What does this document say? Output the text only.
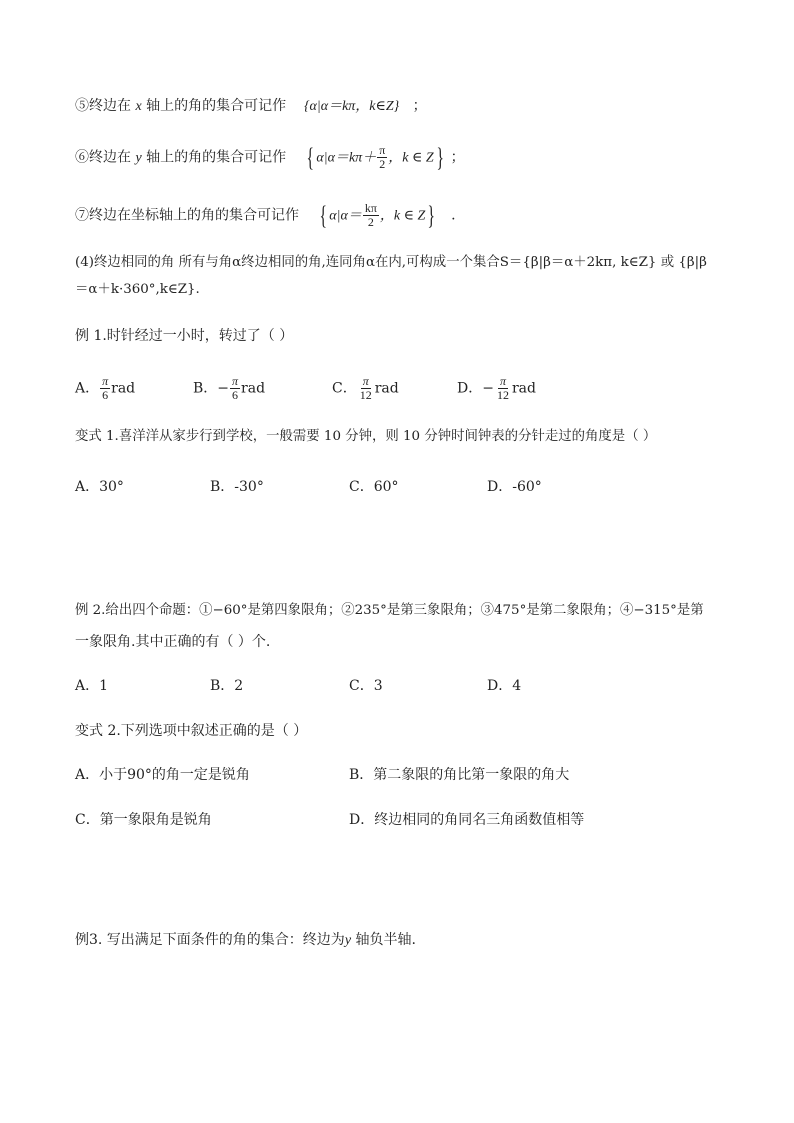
⑤终边在 x 轴上的角的集合可记作 {α|α＝kπ，k∈Z} ；
⑥终边在 y 轴上的角的集合可记作 { $\alpha|\alpha=k\pi+ \frac{\pi}{2}$ ，k ∈ Z} ；
⑦终边在坐标轴上的角的集合可记作 { $\alpha|\alpha= \frac{k\pi}{2}$ ，k ∈ Z} .
(4)终边相同的角 所有与角α终边相同的角,连同角α在内,可构成一个集合S＝{β|β＝α＋2kπ, k∈Z} 或 {β|β
＝α＋k·360°,k∈Z}.
例 1.时针经过一小时，转过了（ ）
A． $\frac{\pi}{6}$ rad	B．− $\frac{\pi}{6}$ rad	C． $\frac{\pi}{12}$ rad	D．− $\frac{\pi}{12}$ rad
变式 1.喜洋洋从家步行到学校，一般需要 10 分钟，则 10 分钟时间钟表的分针走过的角度是（ ）
A．30°	B．-30°	C．60°	D．-60°
例 2.给出四个命题：①−60°是第四象限角；②235°是第三象限角；③475°是第二象限角；④−315°是第
一象限角.其中正确的有（ ）个.
A．1	B．2	C．3	D．4
变式 2.下列选项中叙述正确的是（ ）
A．小于90°的角一定是锐角	B．第二象限的角比第一象限的角大
C．第一象限角是锐角	D．终边相同的角同名三角函数值相等
例3. 写出满足下面条件的角的集合：终边为y 轴负半轴.
